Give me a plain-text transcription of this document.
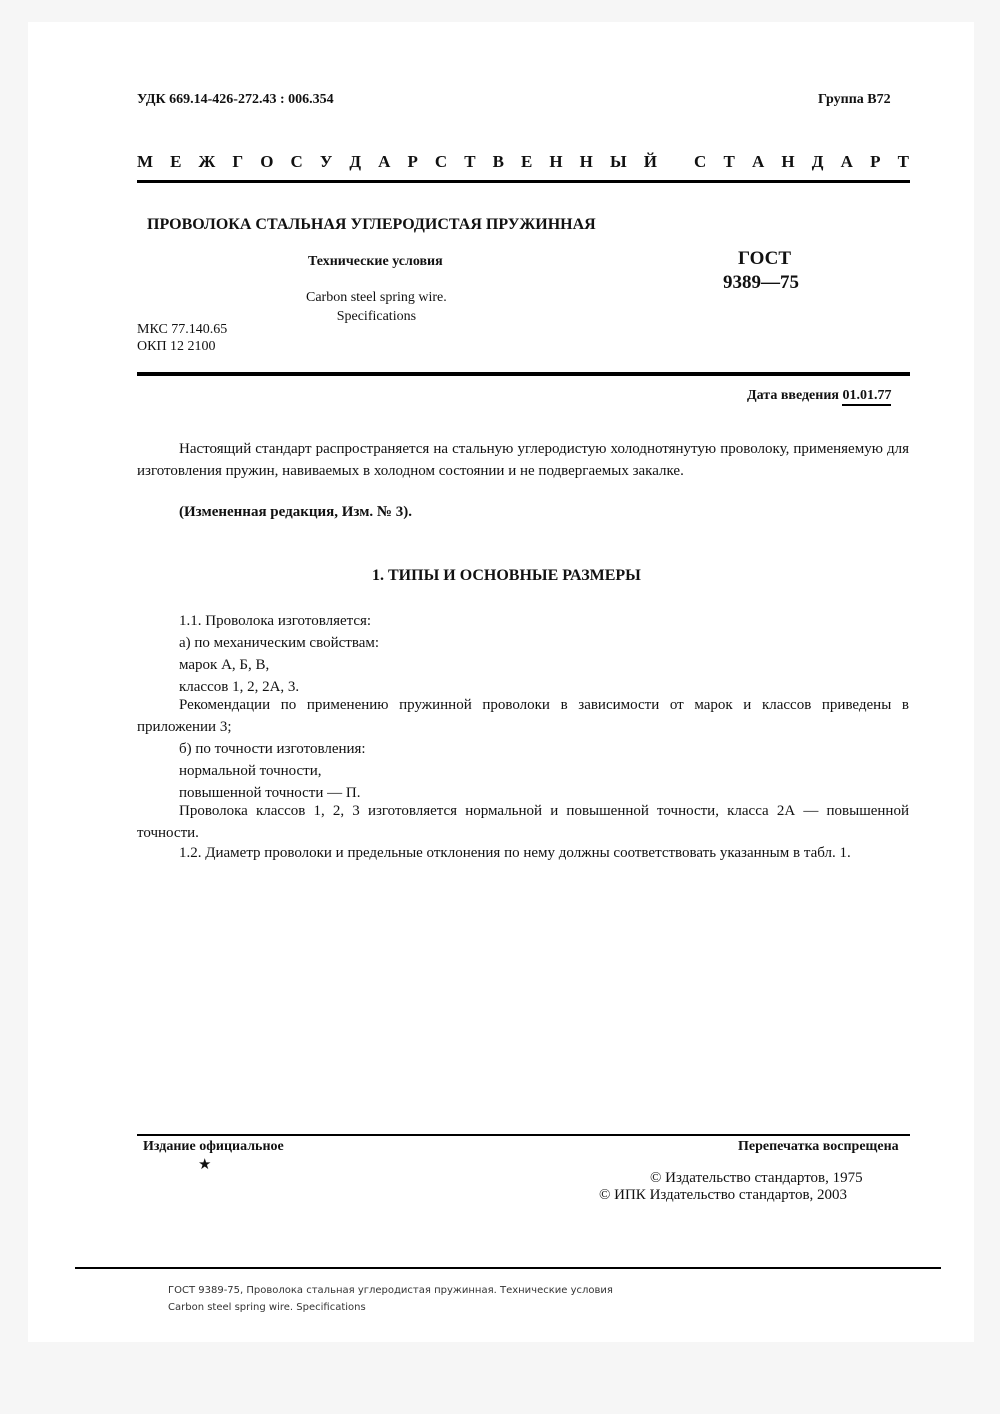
УДК 669.14-426-272.43 : 006.354	Группа В72
М Е Ж Г О С У Д А Р С Т В Е Н Н Ы Й С Т А Н Д А Р Т
ПРОВОЛОКА СТАЛЬНАЯ УГЛЕРОДИСТАЯ ПРУЖИННАЯ
Технические условия
Carbon steel spring wire.
Specifications
ГОСТ
9389—75
МКС 77.140.65
ОКП 12 2100
Дата введения 01.01.77
Настоящий стандарт распространяется на стальную углеродистую холоднотянутую проволоку, применяемую для изготовления пружин, навиваемых в холодном состоянии и не подвергаемых закалке.
(Измененная редакция, Изм. № 3).
1. ТИПЫ И ОСНОВНЫЕ РАЗМЕРЫ
1.1. Проволока изготовляется:
а) по механическим свойствам:
марок А, Б, В,
классов 1, 2, 2А, 3.
Рекомендации по применению пружинной проволоки в зависимости от марок и классов приведены в приложении 3;
б) по точности изготовления:
нормальной точности,
повышенной точности — П.
Проволока классов 1, 2, 3 изготовляется нормальной и повышенной точности, класса 2А — повышенной точности.
1.2. Диаметр проволоки и предельные отклонения по нему должны соответствовать указанным в табл. 1.
Издание официальное
★
Перепечатка воспрещена
© Издательство стандартов, 1975
© ИПК Издательство стандартов, 2003
ГОСТ 9389-75, Проволока стальная углеродистая пружинная. Технические условия
Carbon steel spring wire. Specifications
